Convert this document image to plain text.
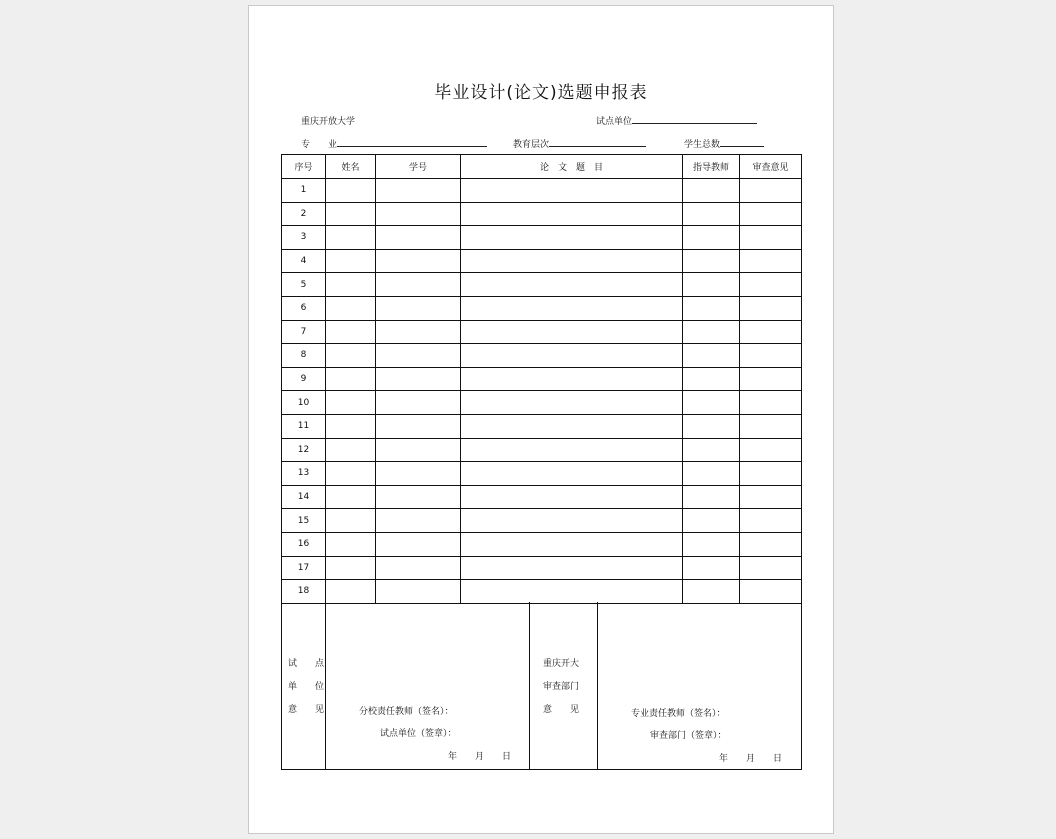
毕业设计(论文)选题申报表
重庆开放大学	试点单位
专　　业	教育层次	学生总数
序号	姓名	学号	论　文　题　目	指导教师	审查意见
1					
2					
3					
4					
5					
6					
7					
8					
9					
10					
11					
12					
13					
14					
15					
16					
17					
18					
试　　点
单　　位
意　　见	分校责任教师（签名）：
试点单位（签章）：
年　　月　　日
重庆开大
审查部门
意　　见	专业责任教师（签名）：
审查部门（签章）：
年　　月　　日
